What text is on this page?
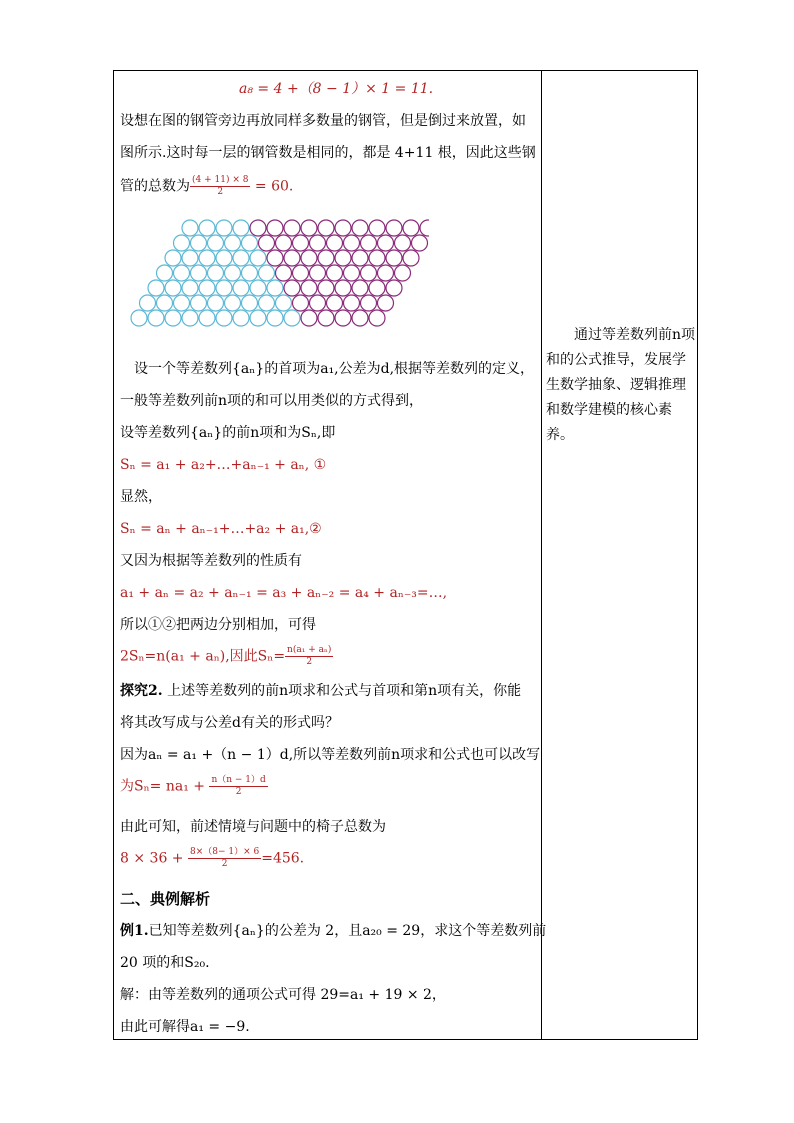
a₈ = 4 +（8 − 1）× 1 = 11.
设想在图的钢管旁边再放同样多数量的钢管，但是倒过来放置，如
图所示.这时每一层的钢管数是相同的，都是 4+11 根，因此这些钢
管的总数为 $\frac{(4 + 11) \times 8}{2} = 60$.
设一个等差数列{aₙ}的首项为a₁,公差为d,根据等差数列的定义，
一般等差数列前n项的和可以用类似的方式得到，
设等差数列{aₙ}的前n项和为Sₙ,即
Sₙ = a₁ + a₂+…+aₙ₋₁ + aₙ, ①
显然，
Sₙ = aₙ + aₙ₋₁+…+a₂ + a₁,②
又因为根据等差数列的性质有
a₁ + aₙ = a₂ + aₙ₋₁ = a₃ + aₙ₋₂ = a₄ + aₙ₋₃=…,
所以①②把两边分别相加，可得
2Sₙ=n(a₁ + aₙ),因此$S_n= \frac{\text{n(a₁ + aₙ)}}{2}$
探究2. 上述等差数列的前n项求和公式与首项和第n项有关，你能
将其改写成与公差d有关的形式吗？
因为aₙ = a₁ +（n − 1）d,所以等差数列前n项求和公式也可以改写
为$S_n= na_1 + \frac{n(n - 1)d}{2}$
由此可知，前述情境与问题中的椅子总数为
$8 \times 36 + \frac{8\times(8- 1)\times 6}{2} =456$.
二、典例解析
例1.已知等差数列{aₙ}的公差为 2，且a₂₀ = 29，求这个等差数列前
20 项的和S₂₀.
解：由等差数列的通项公式可得 29=a₁ + 19 × 2，
由此可解得a₁ = −9.
　　通过等差数列前n项
和的公式推导，发展学
生数学抽象、逻辑推理
和数学建模的核心素
养。
